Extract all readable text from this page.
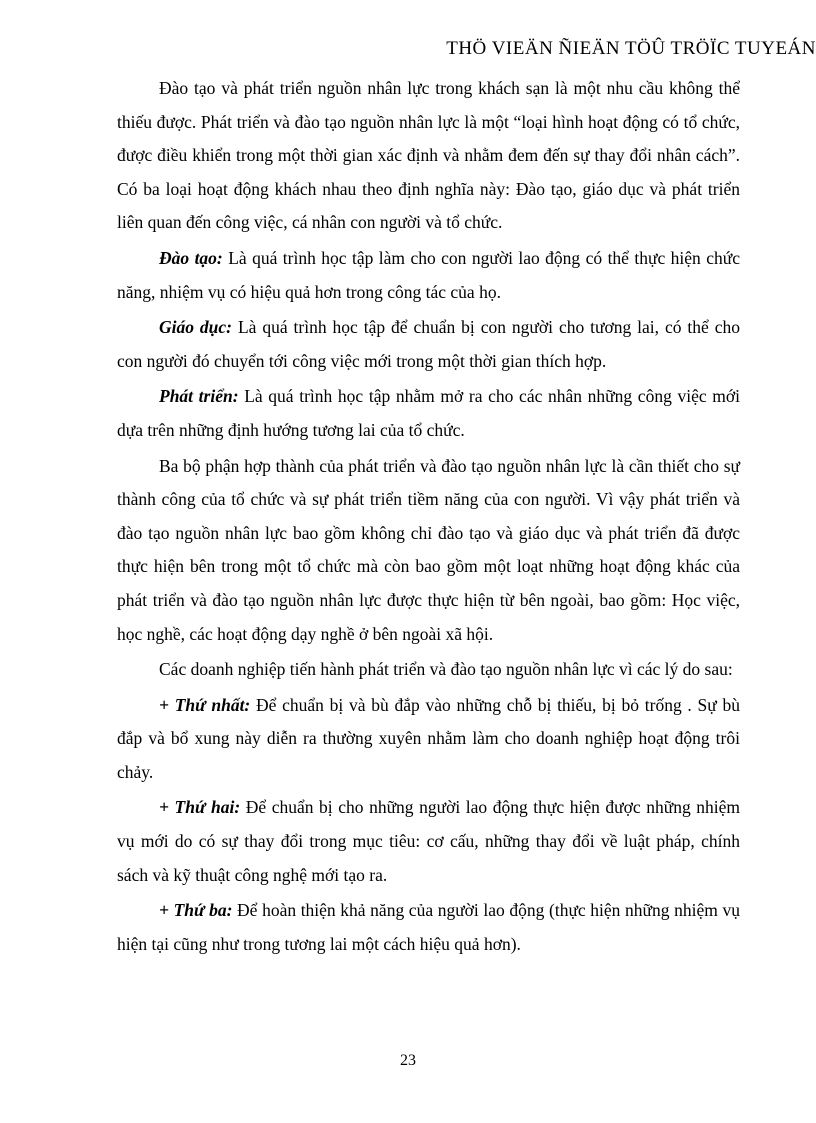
THÖ VIEÄN ÑIEÄN TÖÛ TRÖÏC TUYEÁN

Đào tạo và phát triển nguồn nhân lực trong khách sạn là một nhu cầu không thể thiếu được. Phát triển và đào tạo nguồn nhân lực là một “loại hình hoạt động có tổ chức, được điều khiển trong một thời gian xác định và nhằm đem đến sự thay đổi nhân cách”. Có ba loại hoạt động khách nhau theo định nghĩa này: Đào tạo, giáo dục và phát triển liên quan đến công việc, cá nhân con người và tổ chức.

Đào tạo: Là quá trình học tập làm cho con người lao động có thể thực hiện chức năng, nhiệm vụ có hiệu quả hơn trong công tác của họ.

Giáo dục: Là quá trình học tập để chuẩn bị con người cho tương lai, có thể cho con người đó chuyển tới công việc mới trong một thời gian thích hợp.

Phát triển: Là quá trình học tập nhằm mở ra cho các nhân những công việc mới dựa trên những định hướng tương lai của tổ chức.

Ba bộ phận hợp thành của phát triển và đào tạo nguồn nhân lực là cần thiết cho sự thành công của tổ chức và sự phát triển tiềm năng của con người. Vì vậy phát triển và đào tạo nguồn nhân lực bao gồm không chỉ đào tạo và giáo dục và phát triển đã được thực hiện bên trong một tổ chức mà còn bao gồm một loạt những hoạt động khác của phát triển và đào tạo nguồn nhân lực được thực hiện từ bên ngoài, bao gồm: Học việc, học nghề, các hoạt động dạy nghề ở bên ngoài xã hội.

Các doanh nghiệp tiến hành phát triển và đào tạo nguồn nhân lực vì các lý do sau:

+ Thứ nhất: Để chuẩn bị và bù đắp vào những chỗ bị thiếu, bị bỏ trống . Sự bù đắp và bổ xung này diễn ra thường xuyên nhằm làm cho doanh nghiệp hoạt động trôi chảy.

+ Thứ hai: Để chuẩn bị cho những người lao động thực hiện được những nhiệm vụ mới do có sự thay đổi trong mục tiêu: cơ cấu, những thay đổi về luật pháp, chính sách và kỹ thuật công nghệ mới tạo ra.

+ Thứ ba: Để hoàn thiện khả năng của người lao động (thực hiện những nhiệm vụ hiện tại cũng như trong tương lai một cách hiệu quả hơn).

23
